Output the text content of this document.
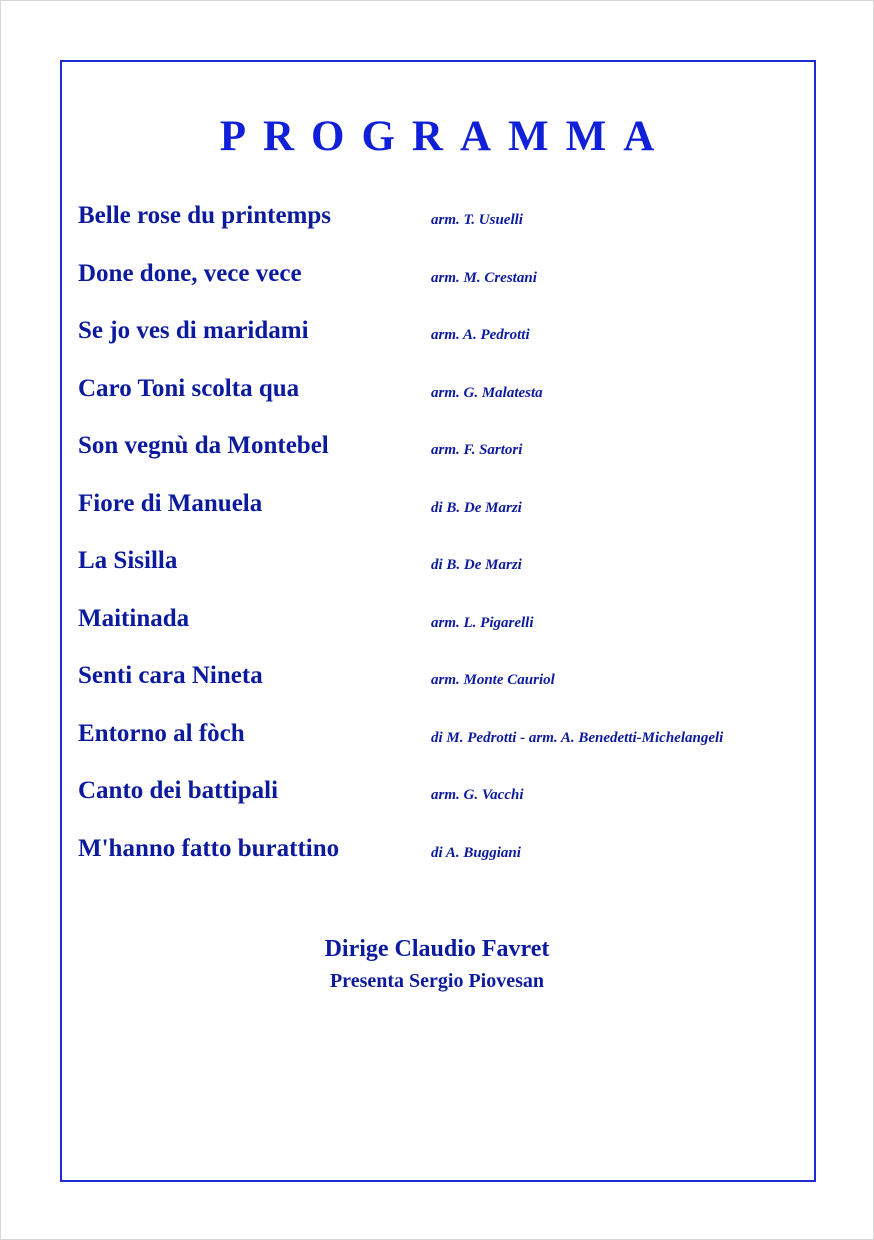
PROGRAMMA
Belle rose du printemps	arm. T. Usuelli
Done done, vece vece	arm. M. Crestani
Se jo ves di maridami	arm. A. Pedrotti
Caro Toni scolta qua	arm. G. Malatesta
Son vegnù da Montebel	arm. F. Sartori
Fiore di Manuela	di B. De Marzi
La Sisilla	di B. De Marzi
Maitinada	arm. L. Pigarelli
Senti cara Nineta	arm. Monte Cauriol
Entorno al fòch	di M. Pedrotti - arm. A. Benedetti-Michelangeli
Canto dei battipali	arm. G. Vacchi
M'hanno fatto burattino	di A. Buggiani
Dirige Claudio Favret
Presenta Sergio Piovesan
